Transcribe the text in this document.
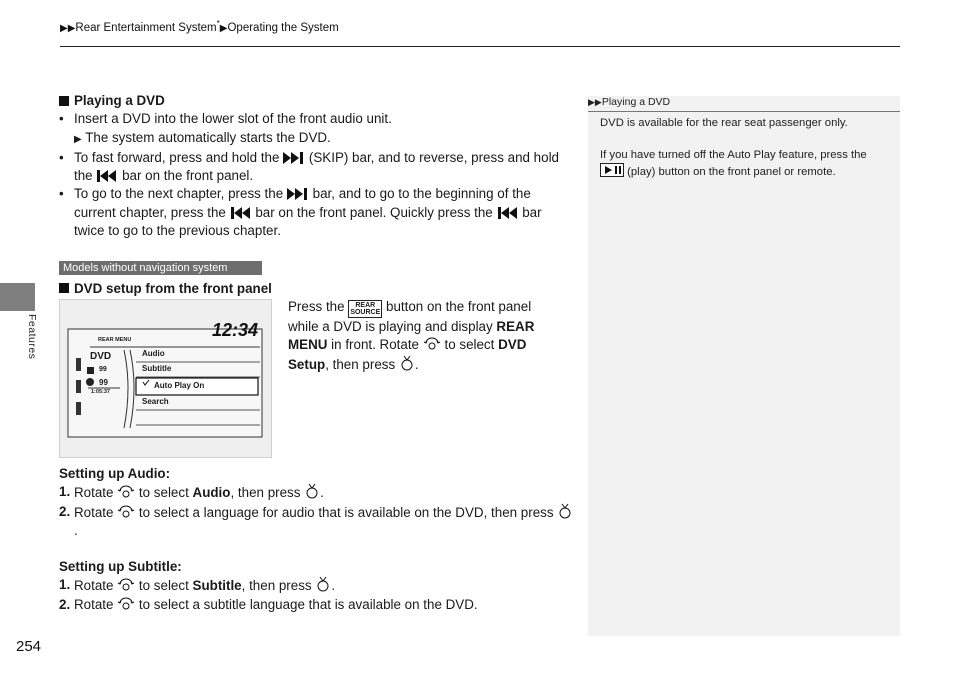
▶▶Rear Entertainment System*▶Operating the System
Features
254
▶▶Playing a DVD
DVD is available for the rear seat passenger only.
If you have turned off the Auto Play feature, press the
(play) button on the front panel or remote.
Playing a DVD
• Insert a DVD into the lower slot of the front audio unit.
▶ The system automatically starts the DVD.
• To fast forward, press and hold the (SKIP) bar, and to reverse, press and hold the bar on the front panel.
• To go to the next chapter, press the bar, and to go to the beginning of the current chapter, press the bar on the front panel. Quickly press the bar twice to go to the previous chapter.
Models without navigation system
DVD setup from the front panel
Press the REAR
SOURCE button on the front panel while a DVD is playing and display REAR MENU in front. Rotate to select DVD Setup, then press .
Setting up Audio:
1. Rotate to select Audio, then press .
2. Rotate to select a language for audio that is available on the DVD, then press .
Setting up Subtitle:
1. Rotate to select Subtitle, then press .
2. Rotate to select a subtitle language that is available on the DVD.
12:34
REAR MENU
DVD
99
99
1:05:37
Audio
Subtitle
Auto Play On
Search
